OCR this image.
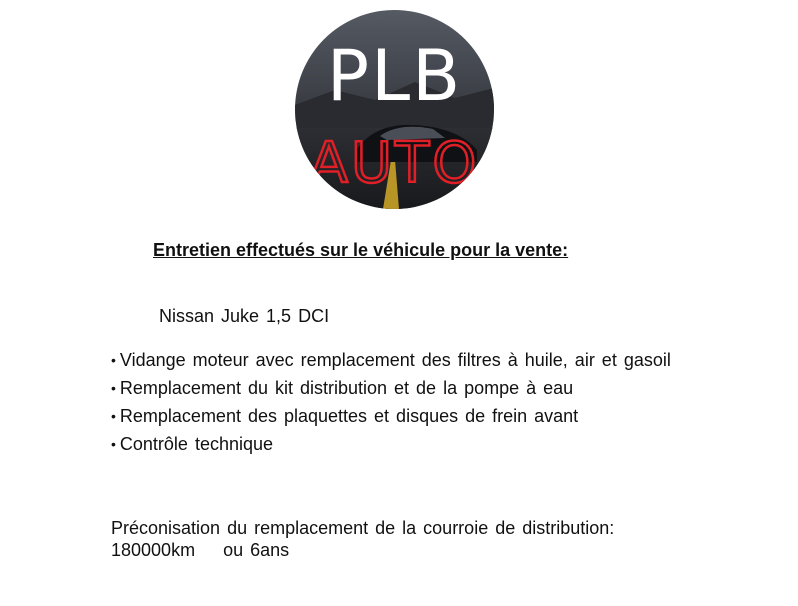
PLB
AUTO
Entretien effectués sur le véhicule pour la vente:
Nissan Juke 1,5 DCI
• Vidange moteur avec remplacement des filtres à huile, air et gasoil
• Remplacement du kit distribution et de la pompe à eau
• Remplacement des plaquettes et disques de frein avant
• Contrôle technique
Préconisation du remplacement de la courroie de distribution:
180000km    ou 6ans
